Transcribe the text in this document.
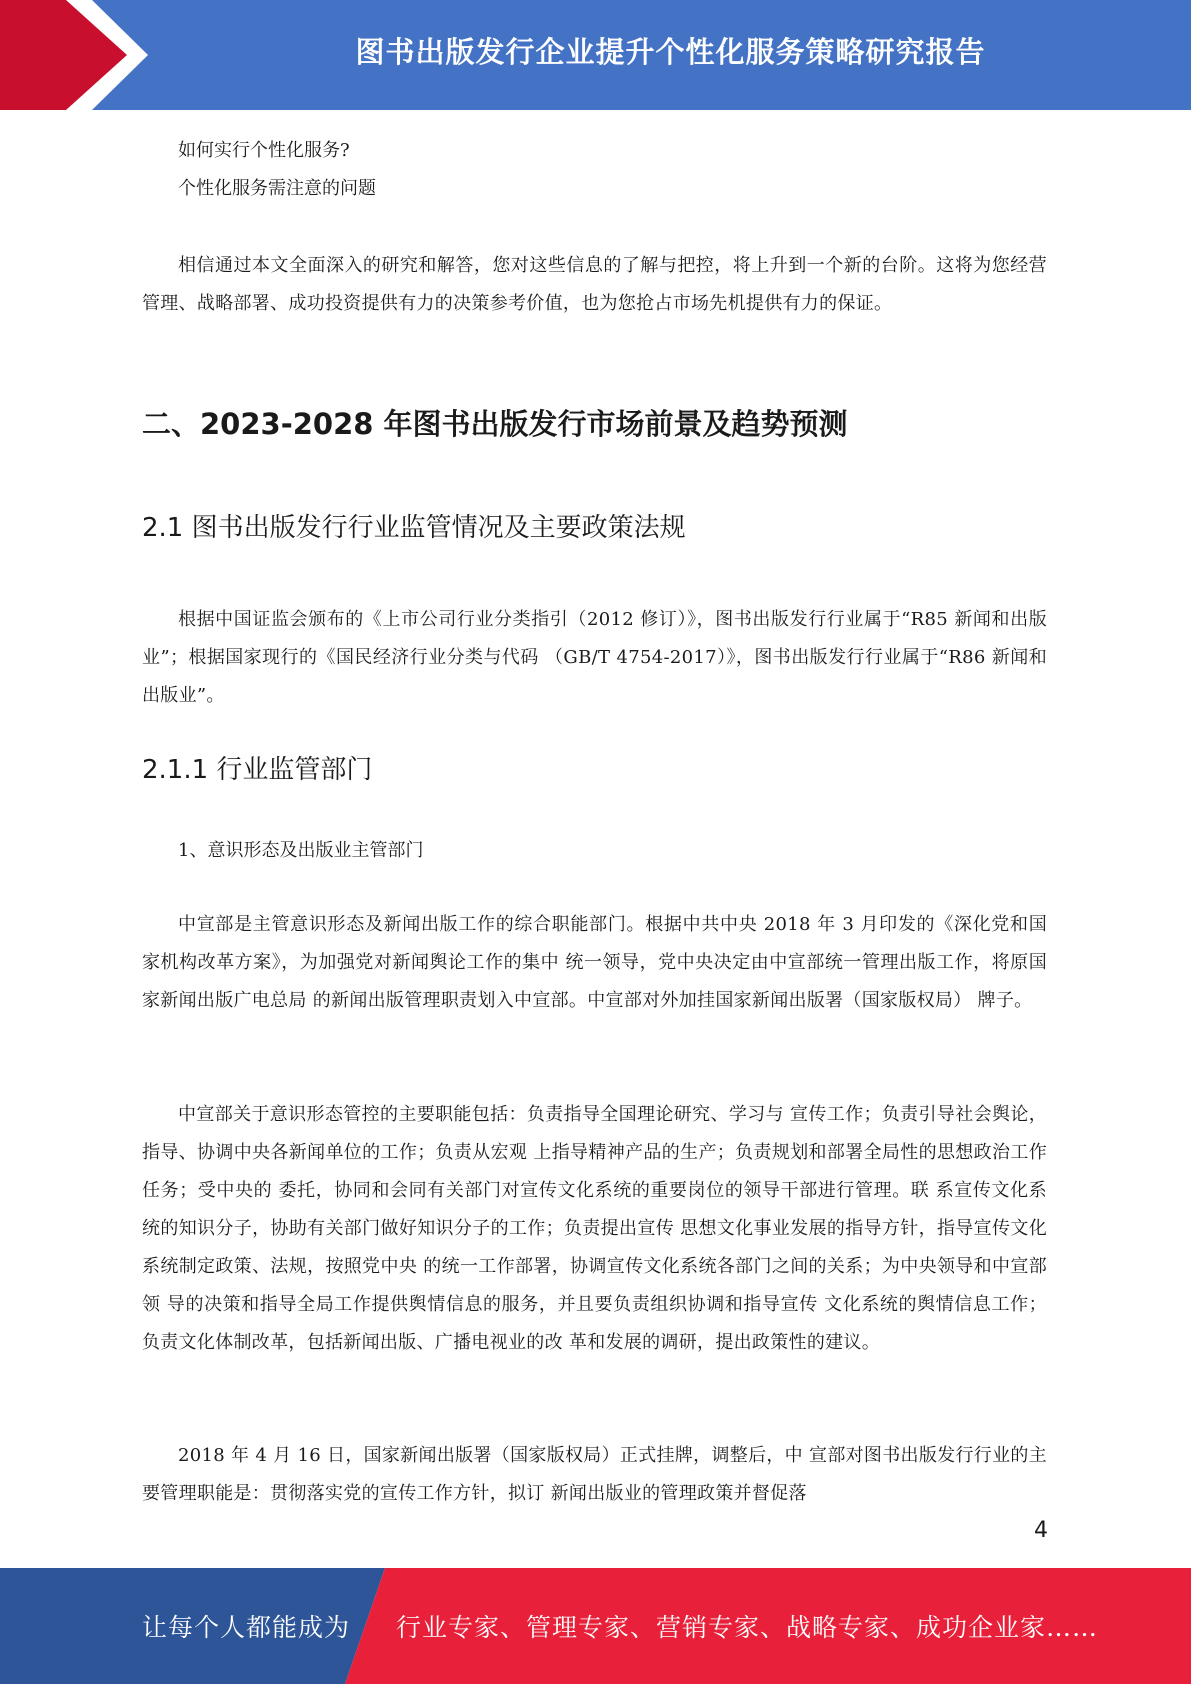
图书出版发行企业提升个性化服务策略研究报告

如何实行个性化服务?

个性化服务需注意的问题

相信通过本文全面深入的研究和解答，您对这些信息的了解与把控，将上升到一个新的台阶。这将为您经营管理、战略部署、成功投资提供有力的决策参考价值，也为您抢占市场先机提供有力的保证。

二、2023-2028 年图书出版发行市场前景及趋势预测
2.1 图书出版发行行业监管情况及主要政策法规

根据中国证监会颁布的《上市公司行业分类指引（2012 修订）》，图书出版发行行业属于“R85 新闻和出版业”；根据国家现行的《国民经济行业分类与代码 （GB/T 4754-2017）》，图书出版发行行业属于“R86 新闻和出版业”。

2.1.1 行业监管部门

1、意识形态及出版业主管部门

中宣部是主管意识形态及新闻出版工作的综合职能部门。根据中共中央 2018 年 3 月印发的《深化党和国家机构改革方案》，为加强党对新闻舆论工作的集中 统一领导，党中央决定由中宣部统一管理出版工作，将原国家新闻出版广电总局 的新闻出版管理职责划入中宣部。中宣部对外加挂国家新闻出版署（国家版权局） 牌子。

中宣部关于意识形态管控的主要职能包括：负责指导全国理论研究、学习与 宣传工作；负责引导社会舆论，指导、协调中央各新闻单位的工作；负责从宏观 上指导精神产品的生产；负责规划和部署全局性的思想政治工作任务；受中央的 委托，协同和会同有关部门对宣传文化系统的重要岗位的领导干部进行管理。联 系宣传文化系统的知识分子，协助有关部门做好知识分子的工作；负责提出宣传 思想文化事业发展的指导方针，指导宣传文化系统制定政策、法规，按照党中央 的统一工作部署，协调宣传文化系统各部门之间的关系；为中央领导和中宣部领 导的决策和指导全局工作提供舆情信息的服务，并且要负责组织协调和指导宣传 文化系统的舆情信息工作；负责文化体制改革，包括新闻出版、广播电视业的改 革和发展的调研，提出政策性的建议。

2018 年 4 月 16 日，国家新闻出版署（国家版权局）正式挂牌，调整后，中 宣部对图书出版发行行业的主要管理职能是：贯彻落实党的宣传工作方针，拟订 新闻出版业的管理政策并督促落

4
让每个人都能成为 行业专家、管理专家、营销专家、战略专家、成功企业家……
